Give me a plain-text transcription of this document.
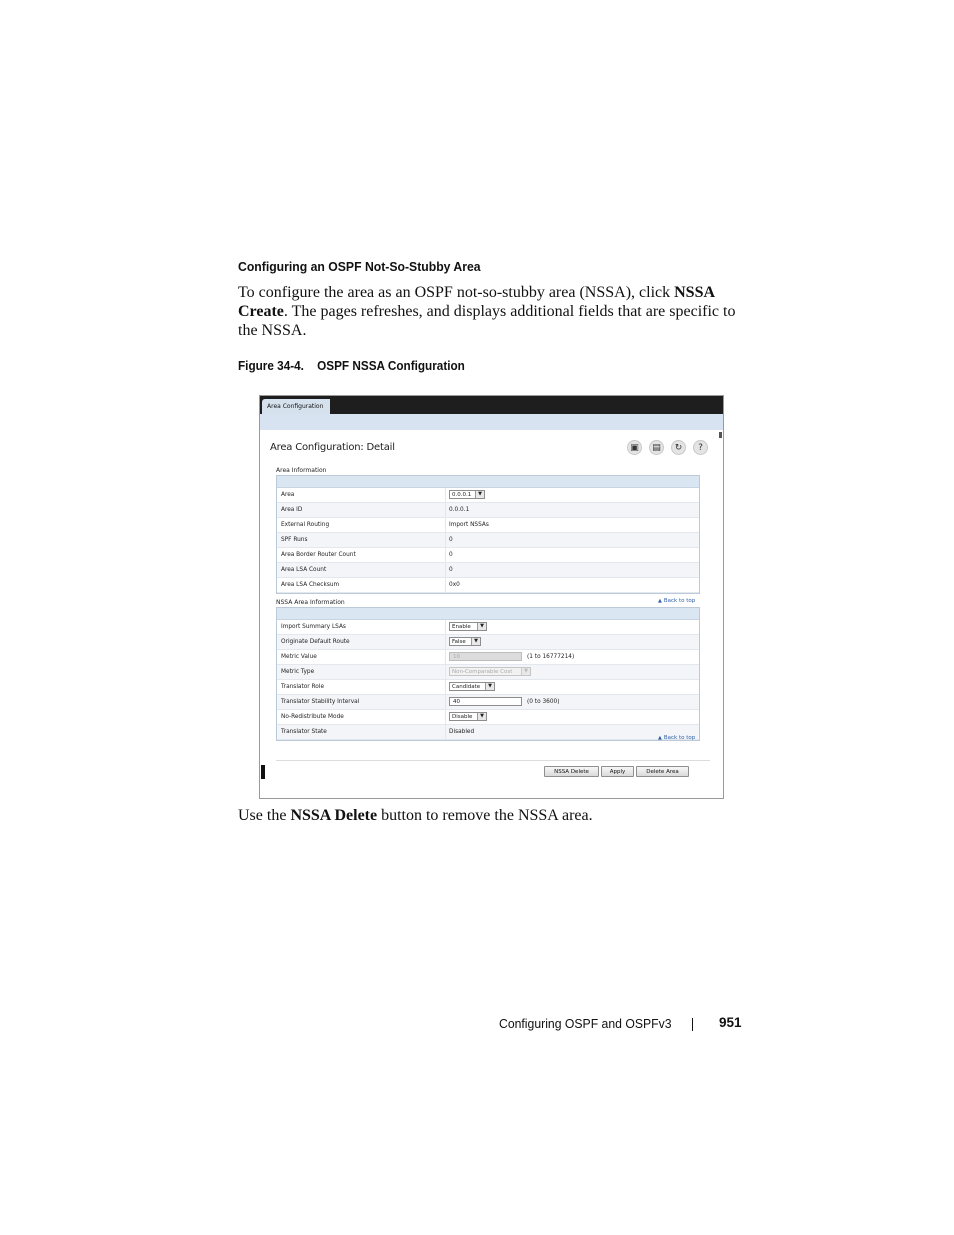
Configuring an OSPF Not-So-Stubby Area

To configure the area as an OSPF not-so-stubby area (NSSA), click NSSA Create. The pages refreshes, and displays additional fields that are specific to the NSSA.

Figure 34-4. OSPF NSSA Configuration
Area Configuration
Area Configuration: Detail	▣	▤	↻	?
Area Information
Area	0.0.0.1	▼
Area ID	0.0.0.1
External Routing	Import NSSAs
SPF Runs	0
Area Border Router Count	0
Area LSA Count	0
Area LSA Checksum	0x0
NSSA Area Information	▲ Back to top
Import Summary LSAs	Enable	▼
Originate Default Route	False	▼
Metric Value	10	(1 to 16777214)
Metric Type	Non-Comparable Cost	▼
Translator Role	Candidate	▼
Translator Stability Interval	40	(0 to 3600)
No-Redistribute Mode	Disable	▼
Translator State	Disabled
▲ Back to top
NSSA Delete	Apply	Delete Area

Use the NSSA Delete button to remove the NSSA area.

Configuring OSPF and OSPFv3	951
